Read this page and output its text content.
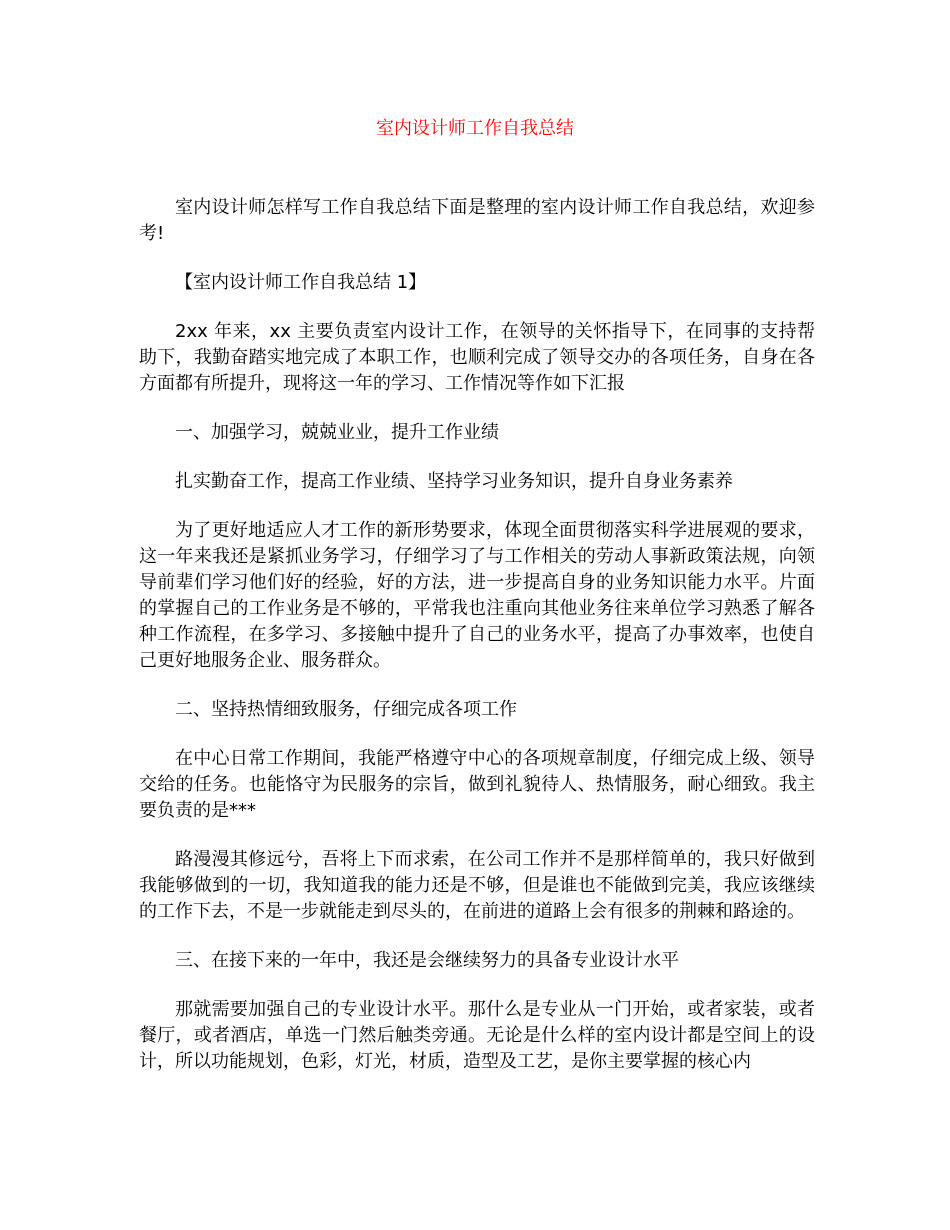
室内设计师工作自我总结

室内设计师怎样写工作自我总结下面是整理的室内设计师工作自我总结，欢迎参考!

【室内设计师工作自我总结 1】

2xx 年来，xx 主要负责室内设计工作，在领导的关怀指导下，在同事的支持帮助下，我勤奋踏实地完成了本职工作，也顺利完成了领导交办的各项任务，自身在各方面都有所提升，现将这一年的学习、工作情况等作如下汇报

一、加强学习，兢兢业业，提升工作业绩

扎实勤奋工作，提高工作业绩、坚持学习业务知识，提升自身业务素养

为了更好地适应人才工作的新形势要求，体现全面贯彻落实科学进展观的要求，这一年来我还是紧抓业务学习，仔细学习了与工作相关的劳动人事新政策法规，向领导前辈们学习他们好的经验，好的方法，进一步提高自身的业务知识能力水平。片面的掌握自己的工作业务是不够的，平常我也注重向其他业务往来单位学习熟悉了解各种工作流程，在多学习、多接触中提升了自己的业务水平，提高了办事效率，也使自己更好地服务企业、服务群众。

二、坚持热情细致服务，仔细完成各项工作

在中心日常工作期间，我能严格遵守中心的各项规章制度，仔细完成上级、领导交给的任务。也能恪守为民服务的宗旨，做到礼貌待人、热情服务，耐心细致。我主要负责的是***

路漫漫其修远兮，吾将上下而求索，在公司工作并不是那样简单的，我只好做到我能够做到的一切，我知道我的能力还是不够，但是谁也不能做到完美，我应该继续的工作下去，不是一步就能走到尽头的，在前进的道路上会有很多的荆棘和路途的。

三、在接下来的一年中，我还是会继续努力的具备专业设计水平

那就需要加强自己的专业设计水平。那什么是专业从一门开始，或者家装，或者餐厅，或者酒店，单选一门然后触类旁通。无论是什么样的室内设计都是空间上的设计，所以功能规划，色彩，灯光，材质，造型及工艺，是你主要掌握的核心内
